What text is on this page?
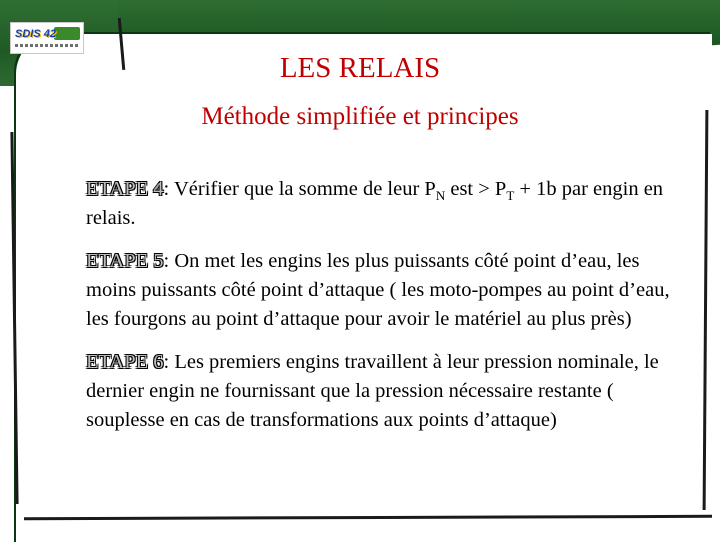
SDIS 42
LES RELAIS
Méthode simplifiée et principes

ETAPE 4: Vérifier que la somme de leur $P_N$ est > $P_T + 1b$ par engin en relais.

ETAPE 5: On met les engins les plus puissants côté point d’eau, les moins puissants côté point d’attaque ( les moto-pompes au point d’eau, les fourgons au point d’attaque pour avoir le matériel au plus près)

ETAPE 6: Les premiers engins travaillent à leur pression nominale, le dernier engin ne fournissant que la pression nécessaire restante ( souplesse en cas de transformations aux points d’attaque)
